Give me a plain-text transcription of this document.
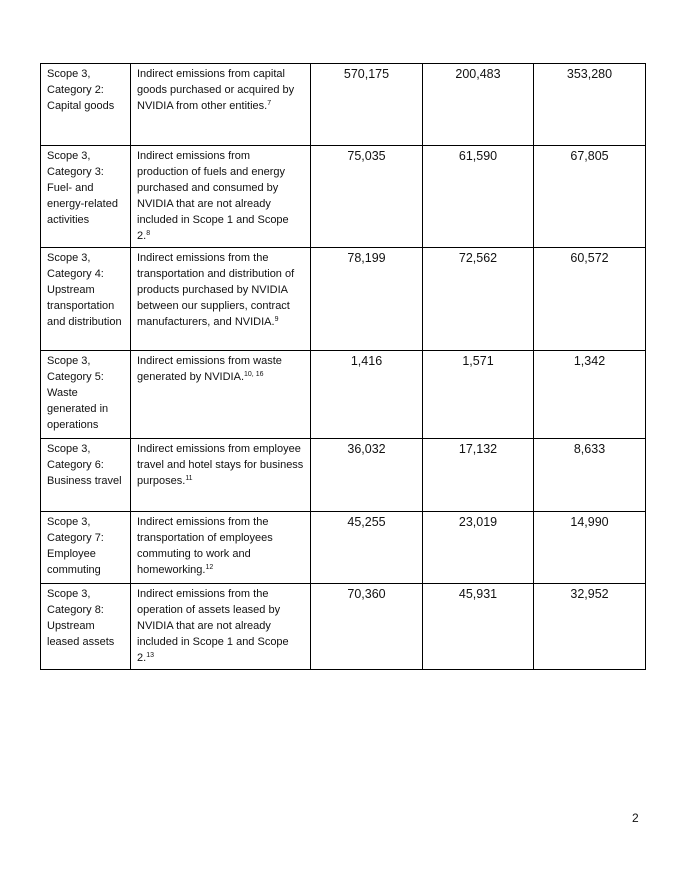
Scope 3, Category 2: Capital goods	Indirect emissions from capital goods purchased or acquired by NVIDIA from other entities.$^7$	570,175	200,483	353,280
Scope 3, Category 3: Fuel- and energy-related activities	Indirect emissions from production of fuels and energy purchased and consumed by NVIDIA that are not already included in Scope 1 and Scope 2.$^8$	75,035	61,590	67,805
Scope 3, Category 4: Upstream transportation and distribution	Indirect emissions from the transportation and distribution of products purchased by NVIDIA between our suppliers, contract manufacturers, and NVIDIA.$^9$	78,199	72,562	60,572
Scope 3, Category 5: Waste generated in operations	Indirect emissions from waste generated by NVIDIA.$^{10, 16}$	1,416	1,571	1,342
Scope 3, Category 6: Business travel	Indirect emissions from employee travel and hotel stays for business purposes.$^{11}$	36,032	17,132	8,633
Scope 3, Category 7: Employee commuting	Indirect emissions from the transportation of employees commuting to work and homeworking.$^{12}$	45,255	23,019	14,990
Scope 3, Category 8: Upstream leased assets	Indirect emissions from the operation of assets leased by NVIDIA that are not already included in Scope 1 and Scope 2.13	70,360	45,931	32,952
2
